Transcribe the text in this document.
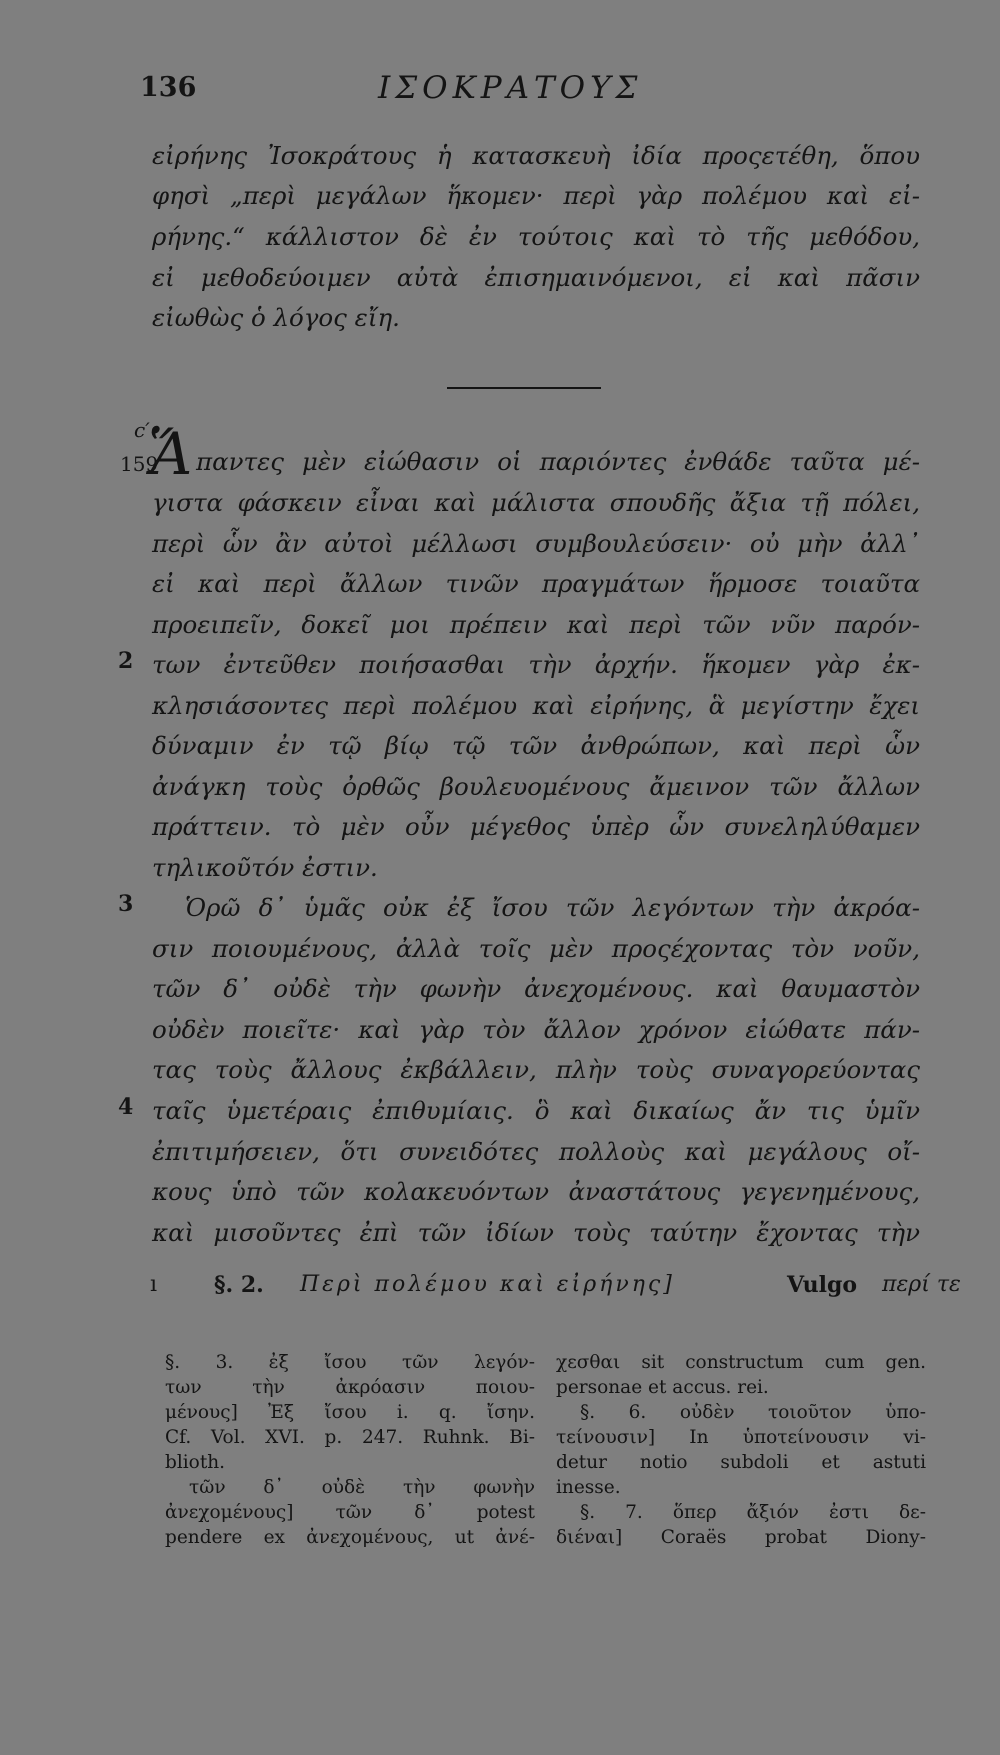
136	ΙΣΟΚΡΑΤΟΥΣ
εἰρήνης Ἰσοκράτους ἡ κατασκευὴ ἰδία προςετέθη, ὅπου
φησὶ „περὶ μεγάλων ἥκομεν· περὶ γὰρ πολέμου καὶ εἰ-
ρήνης.“ κάλλιστον δὲ ἐν τούτοις καὶ τὸ τῆς μεθόδου,
εἰ μεθοδεύοιμεν αὐτὰ ἐπισημαινόμενοι, εἰ καὶ πᾶσιν
εἰωθὼς ὁ λόγος εἴη.
159
ϲ′
Ἅ παντες μὲν εἰώθασιν οἱ παριόντες ἐνθάδε ταῦτα μέ-
γιστα φάσκειν εἶναι καὶ μάλιστα σπουδῆς ἄξια τῇ πόλει,
περὶ ὧν ἂν αὐτοὶ μέλλωσι συμβουλεύσειν· οὐ μὴν ἀλλ᾽
εἰ καὶ περὶ ἄλλων τινῶν πραγμάτων ἥρμοσε τοιαῦτα
προειπεῖν, δοκεῖ μοι πρέπειν καὶ περὶ τῶν νῦν παρόν-
2 των ἐντεῦθεν ποιήσασθαι τὴν ἀρχήν. ἥκομεν γὰρ ἐκ-
κλησιάσοντες περὶ πολέμου καὶ εἰρήνης, ἃ μεγίστην ἔχει
δύναμιν ἐν τῷ βίῳ τῷ τῶν ἀνθρώπων, καὶ περὶ ὧν
ἀνάγκη τοὺς ὀρθῶς βουλευομένους ἄμεινον τῶν ἄλλων
πράττειν. τὸ μὲν οὖν μέγεθος ὑπὲρ ὧν συνεληλύθαμεν
τηλικοῦτόν ἐστιν.
3 Ὁρῶ δ᾽ ὑμᾶς οὐκ ἐξ ἴσου τῶν λεγόντων τὴν ἀκρόα-
σιν ποιουμένους, ἀλλὰ τοῖς μὲν προςέχοντας τὸν νοῦν,
τῶν δ᾽ οὐδὲ τὴν φωνὴν ἀνεχομένους. καὶ θαυμαστὸν
οὐδὲν ποιεῖτε· καὶ γὰρ τὸν ἄλλον χρόνον εἰώθατε πάν-
τας τοὺς ἄλλους ἐκβάλλειν, πλὴν τοὺς συναγορεύοντας
4 ταῖς ὑμετέραις ἐπιθυμίαις. ὃ καὶ δικαίως ἄν τις ὑμῖν
ἐπιτιμήσειεν, ὅτι συνειδότες πολλοὺς καὶ μεγάλους οἴ-
κους ὑπὸ τῶν κολακευόντων ἀναστάτους γεγενημένους,
καὶ μισοῦντες ἐπὶ τῶν ἰδίων τοὺς ταύτην ἔχοντας τὴν
ı	§. 2. Περὶ πολέμου καὶ εἰρήνης]	Vulgo περί τε
§. 3. ἐξ ἴσου τῶν λεγόν-
των τὴν ἀκρόασιν ποιου-
μένους] Ἐξ ἴσου i. q. ἴσην.
Cf. Vol. XVI. p. 247. Ruhnk. Bi-
blioth.
τῶν δ᾽ οὐδὲ τὴν φωνὴν
ἀνεχομένους] τῶν δ᾽ potest
pendere ex ἀνεχομένους, ut ἀνέ-
χεσθαι sit constructum cum gen.
personae et accus. rei.
§. 6. οὐδὲν τοιοῦτον ὑπο-
τείνουσιν] In ὑποτείνουσιν vi-
detur notio subdoli et astuti
inesse.
§. 7. ὅπερ ἄξιόν ἐστι δε-
διέναι] Coraës probat Diony-
